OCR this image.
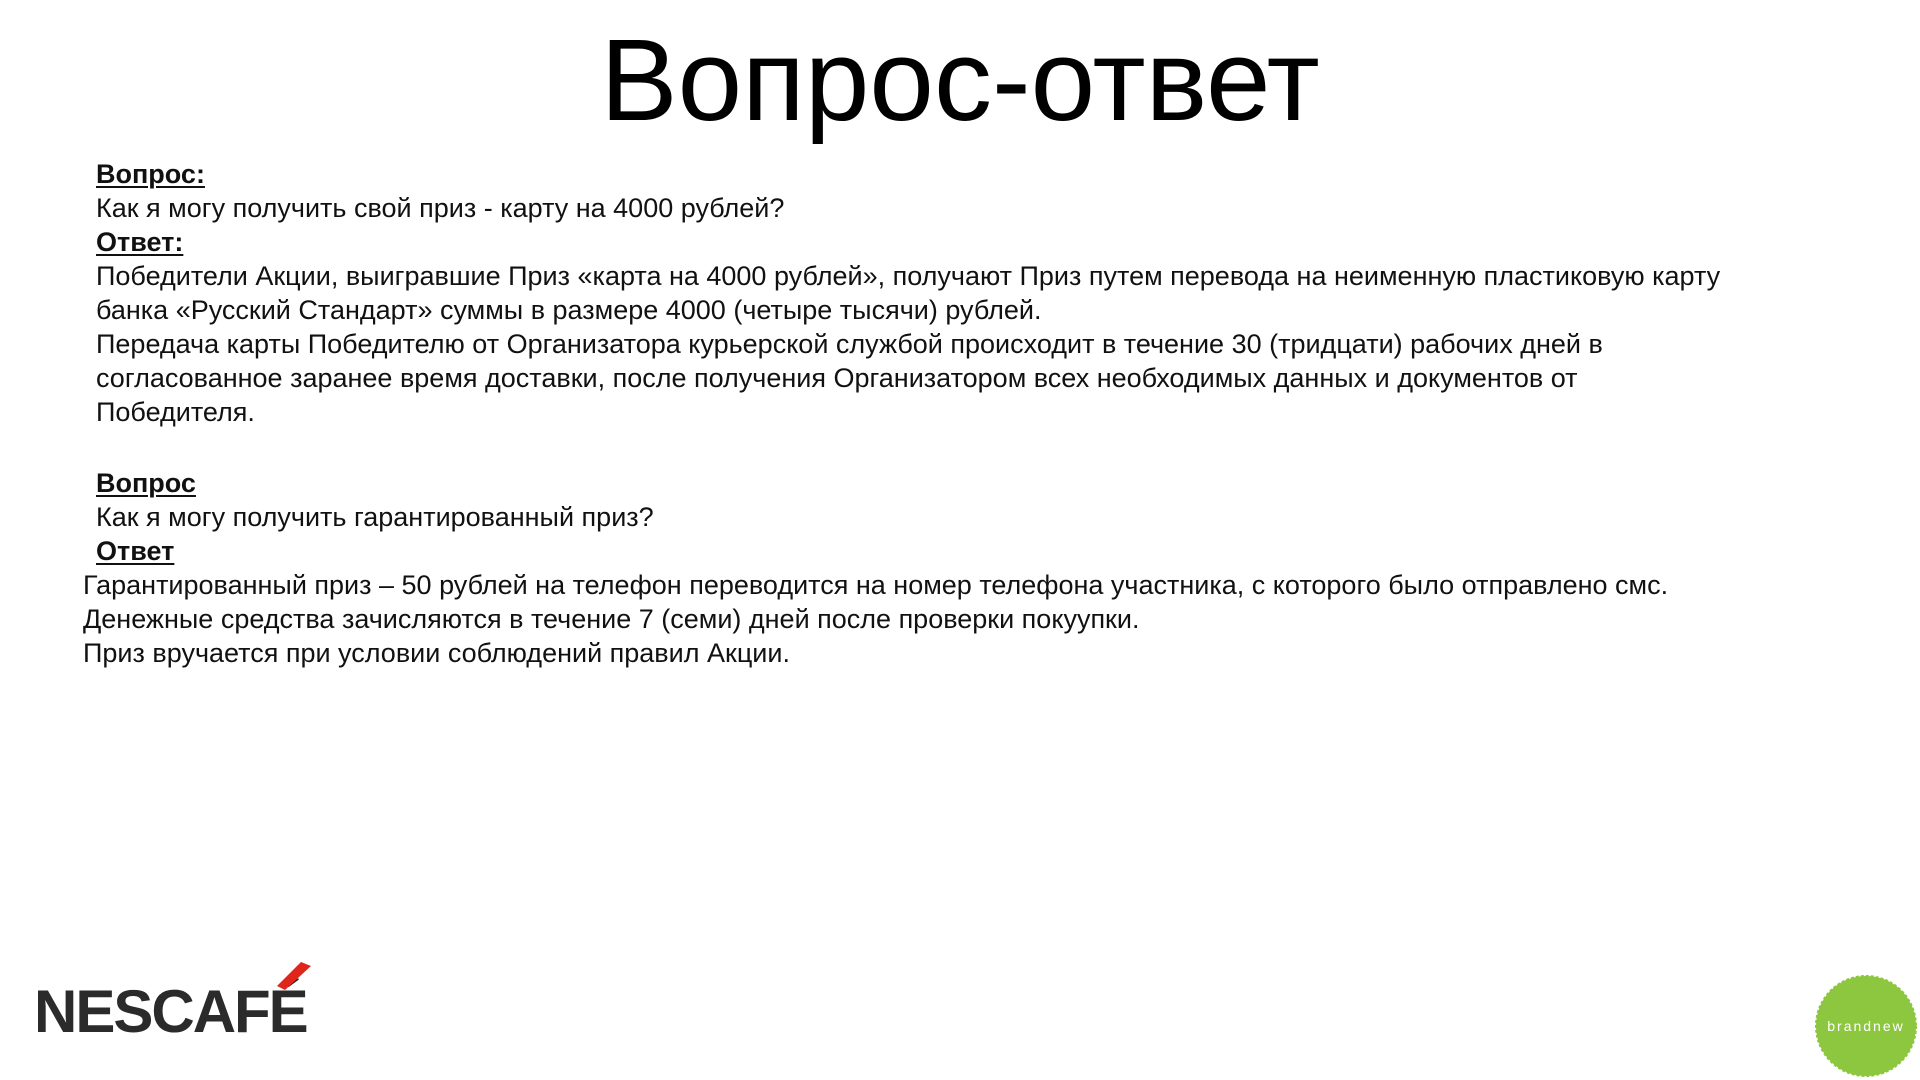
Вопрос-ответ

Вопрос:

Как я могу получить свой приз - карту на 4000 рублей?

Ответ:

Победители Акции, выигравшие Приз «карта на 4000 рублей», получают Приз путем перевода на неименную пластиковую карту

банка «Русский Стандарт» суммы в размере 4000 (четыре тысячи) рублей.

Передача карты Победителю от Организатора курьерской службой происходит в течение 30 (тридцати) рабочих дней в

согласованное заранее время доставки, после получения Организатором всех необходимых данных и документов от

Победителя.

Вопрос

Как я могу получить гарантированный приз?

Ответ

Гарантированный приз – 50 рублей на телефон переводится на номер телефона участника, с которого было отправлено смс.

Денежные средства зачисляются в течение 7 (семи) дней после проверки покуупки.

Приз вручается при условии соблюдений правил Акции.

NESCAFÉ	brandnew
